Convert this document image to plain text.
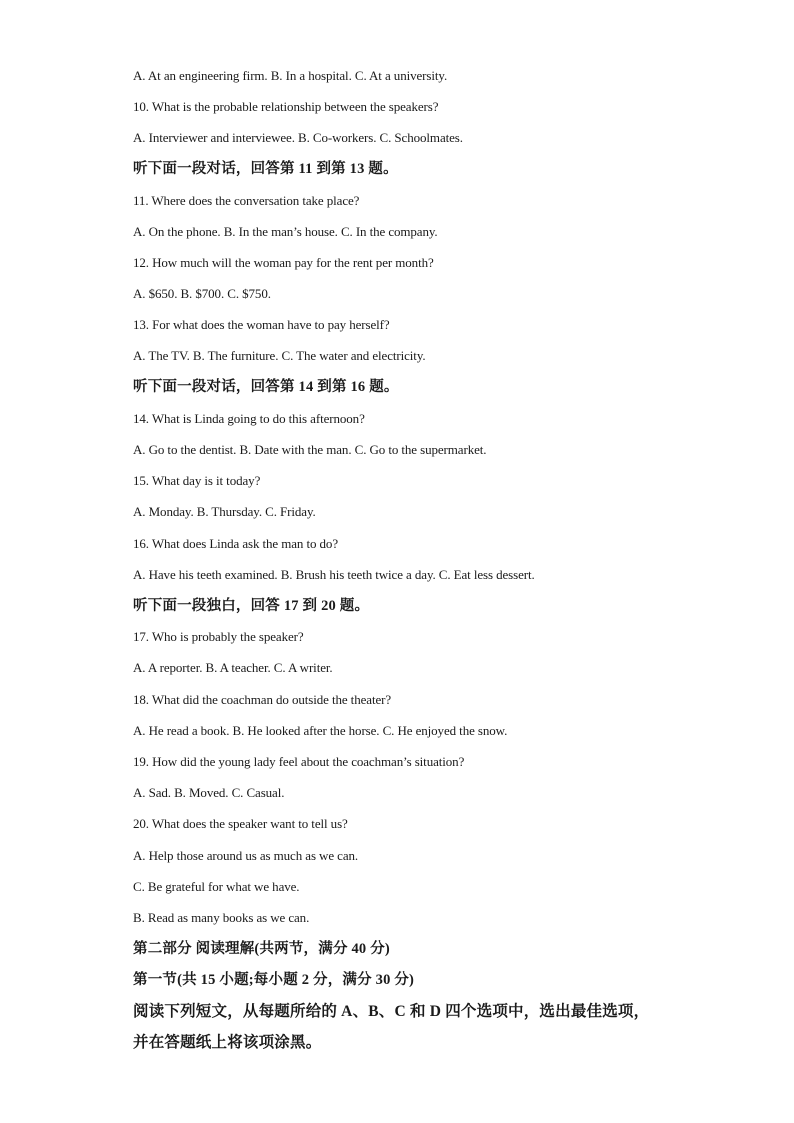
A. At an engineering firm. B. In a hospital. C. At a university.
10. What is the probable relationship between the speakers?
A. Interviewer and interviewee. B. Co-workers. C. Schoolmates.
听下面一段对话，回答第 11 到第 13 题。
11. Where does the conversation take place?
A. On the phone. B. In the man’s house. C. In the company.
12. How much will the woman pay for the rent per month?
A. $650. B. $700. C. $750.
13. For what does the woman have to pay herself?
A. The TV. B. The furniture. C. The water and electricity.
听下面一段对话，回答第 14 到第 16 题。
14. What is Linda going to do this afternoon?
A. Go to the dentist. B. Date with the man. C. Go to the supermarket.
15. What day is it today?
A. Monday. B. Thursday. C. Friday.
16. What does Linda ask the man to do?
A. Have his teeth examined. B. Brush his teeth twice a day. C. Eat less dessert.
听下面一段独白，回答 17 到 20 题。
17. Who is probably the speaker?
A. A reporter. B. A teacher. C. A writer.
18. What did the coachman do outside the theater?
A. He read a book. B. He looked after the horse. C. He enjoyed the snow.
19. How did the young lady feel about the coachman’s situation?
A. Sad. B. Moved. C. Casual.
20. What does the speaker want to tell us?
A. Help those around us as much as we can.
C. Be grateful for what we have.
B. Read as many books as we can.
第二部分 阅读理解(共两节，满分 40 分)
第一节(共 15 小题;每小题 2 分，满分 30 分)
阅读下列短文，从每题所给的 A、B、C 和 D 四个选项中，选出最佳选项，
并在答题纸上将该项涂黑。
